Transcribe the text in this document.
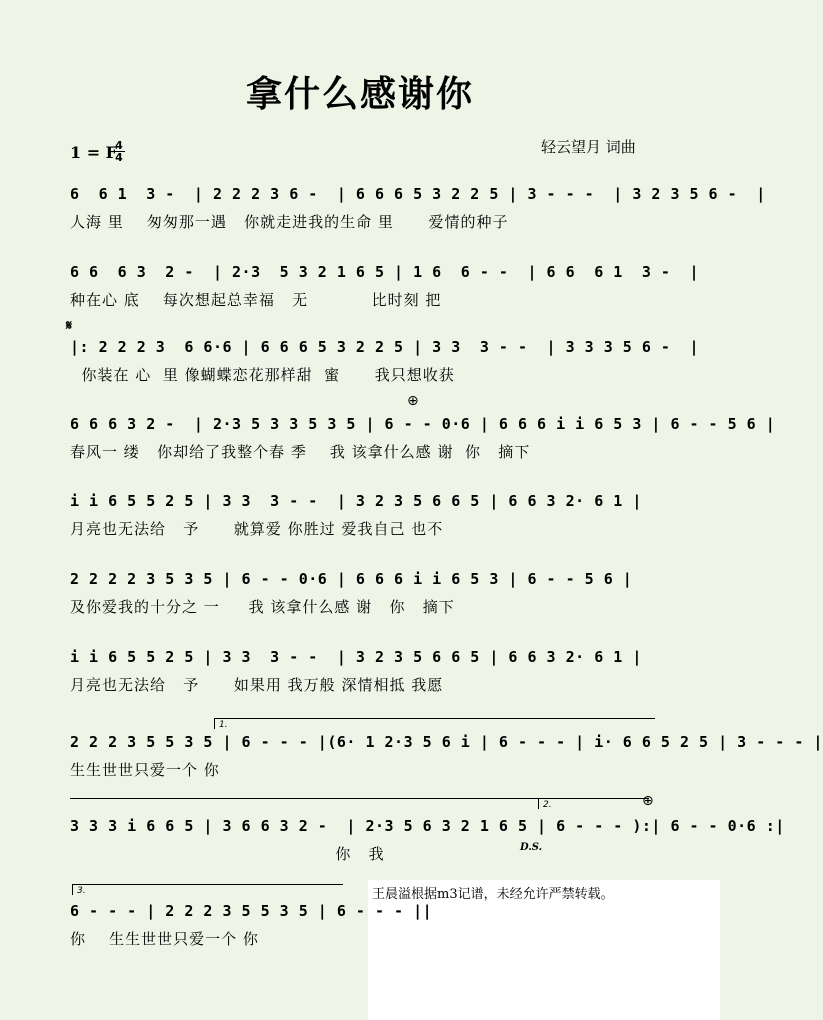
拿什么感谢你
轻云望月 词曲
1 = F
4
4
𝄋
⊕
⊕
6  6 1  3 -  | 2 2 2 3 6 -  | 6 6 6 5 3 2 2 5 | 3 - - -  | 3 2 3 5 6 -  |
人海 里    匆匆那一遇   你就走进我的生命 里      爱情的种子
6 6  6 3  2 -  | 2·3  5 3 2 1 6 5 | 1 6  6 - -  | 6 6  6 1  3 -  |
种在心 底    每次想起总幸福   无           比时刻 把
|: 2 2 2 3  6 6·6 | 6 6 6 5 3 2 2 5 | 3 3  3 - -  | 3 3 3 5 6 -  |
你装在 心  里 像蝴蝶恋花那样甜  蜜      我只想收获
6 6 6 3 2 -  | 2·3 5 3 3 5 3 5 | 6 - - 0·6 | 6 6 6 i i 6 5 3 | 6 - - 5 6 |
春风一 缕   你却给了我整个春 季    我 该拿什么感 谢  你   摘下
i i 6 5 5 2 5 | 3 3  3 - -  | 3 2 3 5 6 6 5 | 6 6 3 2· 6 1 |
月亮也无法给   予      就算爱 你胜过 爱我自己 也不
2 2 2 2 3 5 3 5 | 6 - - 0·6 | 6 6 6 i i 6 5 3 | 6 - - 5 6 |
及你爱我的十分之 一     我 该拿什么感 谢   你   摘下
i i 6 5 5 2 5 | 3 3  3 - -  | 3 2 3 5 6 6 5 | 6 6 3 2· 6 1 |
月亮也无法给   予      如果用 我万般 深情相抵 我愿
1.
2 2 2 3 5 5 3 5 | 6 - - - |(6· 1 2·3 5 6 i | 6 - - - | i· 6 6 5 2 5 | 3 - - - |
生生世世只爱一个 你
2.
3 3 3 i 6 6 5 | 3 6 6 3 2 -  | 2·3 5 6 3 2 1 6 5 | 6 - - - ):| 6 - - 0·6 :|
你   我	D.S.
王晨溢根据m3记谱，未经允许严禁转载。
3.
6 - - - | 2 2 2 3 5 5 3 5 | 6 - - - ||
你    生生世世只爱一个 你
